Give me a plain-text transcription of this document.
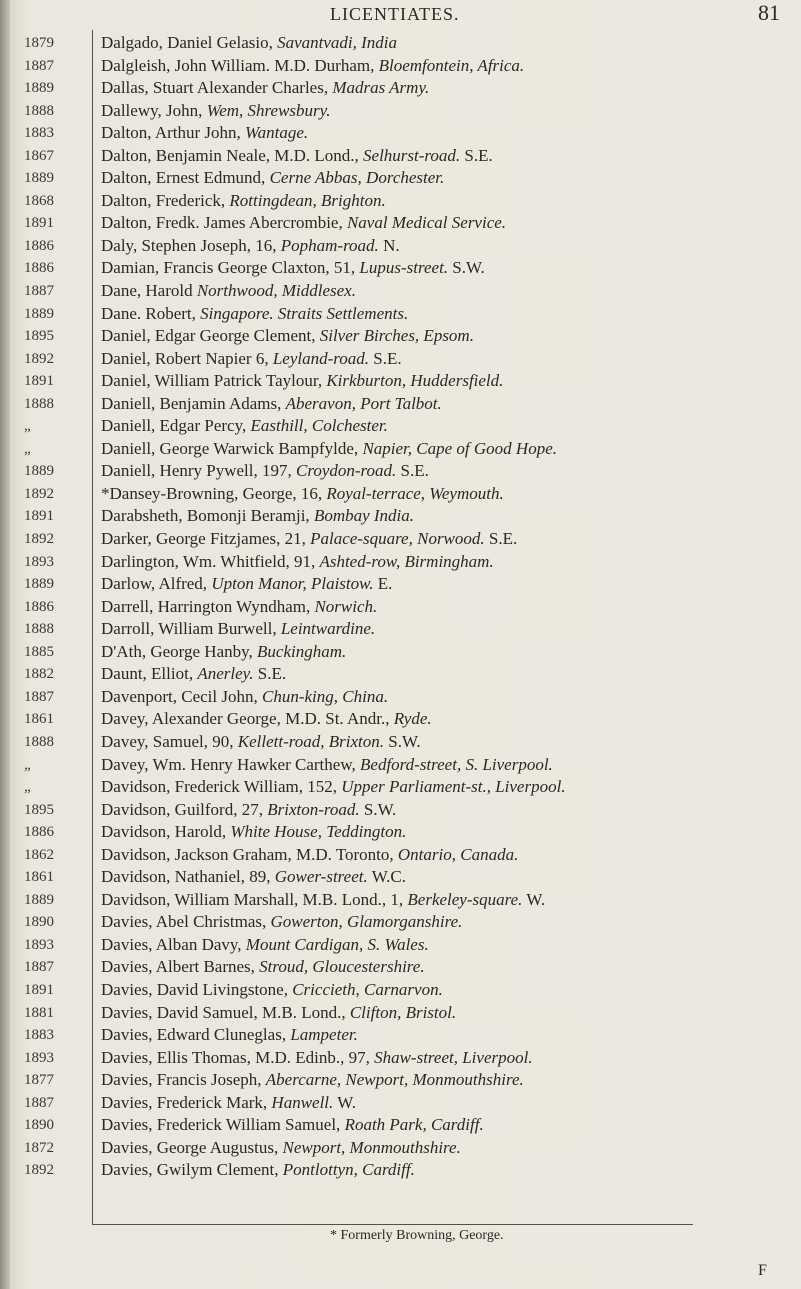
LICENTIATES.	81
1879
1887
1889
1888
1883
1867
1889
1868
1891
1886
1886
1887
1889
1895
1892
1891
1888
„
„
1889
1892
1891
1892
1893
1889
1886
1888
1885
1882
1887
1861
1888
„
„
1895
1886
1862
1861
1889
1890
1893
1887
1891
1881
1883
1893
1877
1887
1890
1872
1892
Dalgado, Daniel Gelasio, Savantvadi, India
Dalgleish, John William. M.D. Durham, Bloemfontein, Africa.
Dallas, Stuart Alexander Charles, Madras Army.
Dallewy, John, Wem, Shrewsbury.
Dalton, Arthur John, Wantage.
Dalton, Benjamin Neale, M.D. Lond., Selhurst-road. S.E.
Dalton, Ernest Edmund, Cerne Abbas, Dorchester.
Dalton, Frederick, Rottingdean, Brighton.
Dalton, Fredk. James Abercrombie, Naval Medical Service.
Daly, Stephen Joseph, 16, Popham-road. N.
Damian, Francis George Claxton, 51, Lupus-street. S.W.
Dane, Harold Northwood, Middlesex.
Dane. Robert, Singapore. Straits Settlements.
Daniel, Edgar George Clement, Silver Birches, Epsom.
Daniel, Robert Napier 6, Leyland-road. S.E.
Daniel, William Patrick Taylour, Kirkburton, Huddersfield.
Daniell, Benjamin Adams, Aberavon, Port Talbot.
Daniell, Edgar Percy, Easthill, Colchester.
Daniell, George Warwick Bampfylde, Napier, Cape of Good Hope.
Daniell, Henry Pywell, 197, Croydon-road. S.E.
*Dansey-Browning, George, 16, Royal-terrace, Weymouth.
Darabsheth, Bomonji Beramji, Bombay India.
Darker, George Fitzjames, 21, Palace-square, Norwood. S.E.
Darlington, Wm. Whitfield, 91, Ashted-row, Birmingham.
Darlow, Alfred, Upton Manor, Plaistow. E.
Darrell, Harrington Wyndham, Norwich.
Darroll, William Burwell, Leintwardine.
D'Ath, George Hanby, Buckingham.
Daunt, Elliot, Anerley. S.E.
Davenport, Cecil John, Chun-king, China.
Davey, Alexander George, M.D. St. Andr., Ryde.
Davey, Samuel, 90, Kellett-road, Brixton. S.W.
Davey, Wm. Henry Hawker Carthew, Bedford-street, S. Liverpool.
Davidson, Frederick William, 152, Upper Parliament-st., Liverpool.
Davidson, Guilford, 27, Brixton-road. S.W.
Davidson, Harold, White House, Teddington.
Davidson, Jackson Graham, M.D. Toronto, Ontario, Canada.
Davidson, Nathaniel, 89, Gower-street. W.C.
Davidson, William Marshall, M.B. Lond., 1, Berkeley-square. W.
Davies, Abel Christmas, Gowerton, Glamorganshire.
Davies, Alban Davy, Mount Cardigan, S. Wales.
Davies, Albert Barnes, Stroud, Gloucestershire.
Davies, David Livingstone, Criccieth, Carnarvon.
Davies, David Samuel, M.B. Lond., Clifton, Bristol.
Davies, Edward Cluneglas, Lampeter.
Davies, Ellis Thomas, M.D. Edinb., 97, Shaw-street, Liverpool.
Davies, Francis Joseph, Abercarne, Newport, Monmouthshire.
Davies, Frederick Mark, Hanwell. W.
Davies, Frederick William Samuel, Roath Park, Cardiff.
Davies, George Augustus, Newport, Monmouthshire.
Davies, Gwilym Clement, Pontlottyn, Cardiff.
* Formerly Browning, George.
F
